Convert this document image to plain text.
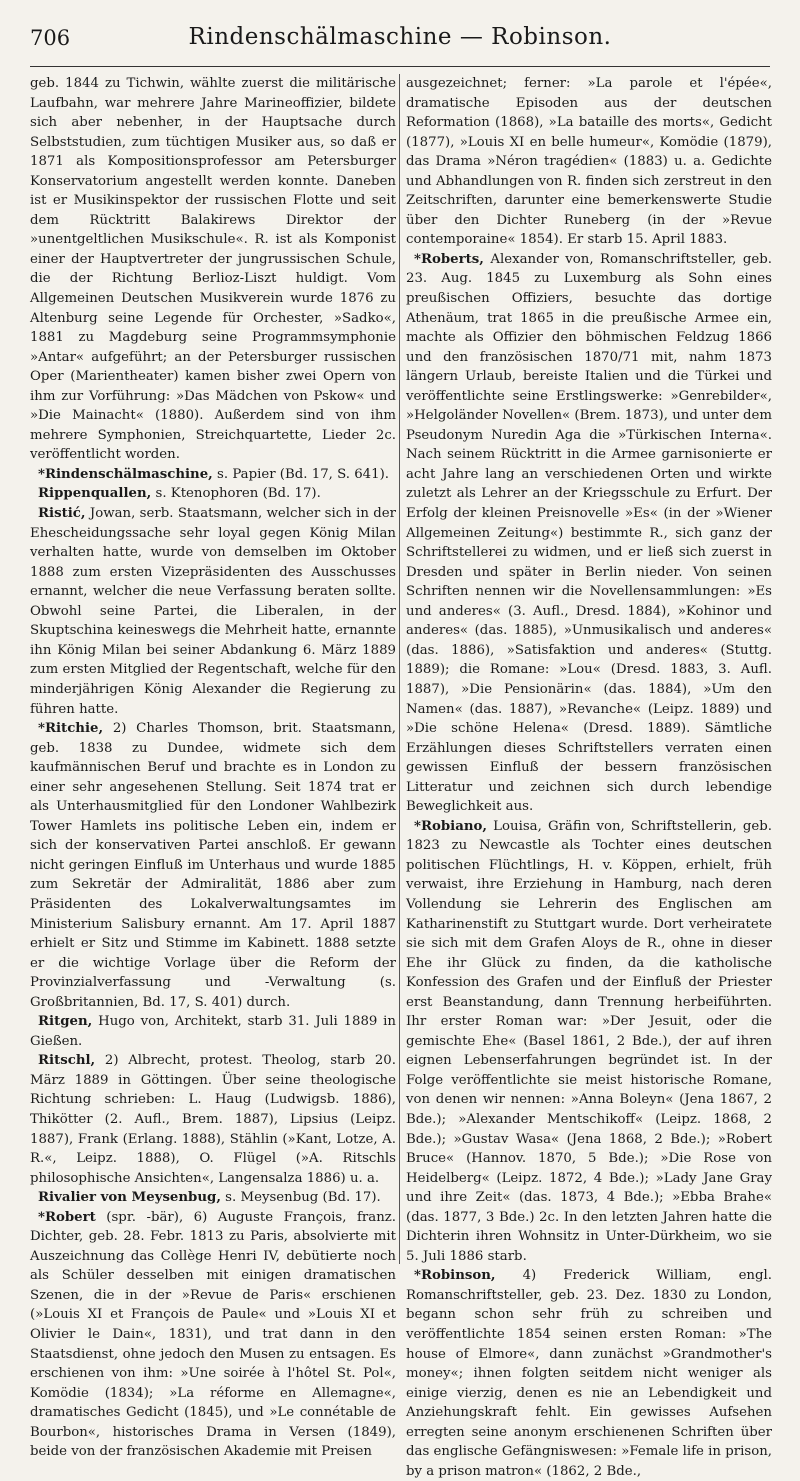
706	Rindenschälmaschine — Robinson.

geb. 1844 zu Tichwin, wählte zuerst die militärische Laufbahn, war mehrere Jahre Marineoffizier, bildete sich aber nebenher, in der Hauptsache durch Selbststudien, zum tüchtigen Musiker aus, so daß er 1871 als Kompositionsprofessor am Petersburger Konservatorium angestellt werden konnte. Daneben ist er Musikinspektor der russischen Flotte und seit dem Rücktritt Balakirews Direktor der »unentgeltlichen Musikschule«. R. ist als Komponist einer der Hauptvertreter der jungrussischen Schule, die der Richtung Berlioz-Liszt huldigt. Vom Allgemeinen Deutschen Musikverein wurde 1876 zu Altenburg seine Legende für Orchester, »Sadko«, 1881 zu Magdeburg seine Programmsymphonie »Antar« aufgeführt; an der Petersburger russischen Oper (Marientheater) kamen bisher zwei Opern von ihm zur Vorführung: »Das Mädchen von Pskow« und »Die Mainacht« (1880). Außerdem sind von ihm mehrere Symphonien, Streichquartette, Lieder 2c. veröffentlicht worden.

*Rindenschälmaschine, s. Papier (Bd. 17, S. 641).

Rippenquallen, s. Ktenophoren (Bd. 17).

Ristić, Jowan, serb. Staatsmann, welcher sich in der Ehescheidungssache sehr loyal gegen König Milan verhalten hatte, wurde von demselben im Oktober 1888 zum ersten Vizepräsidenten des Ausschusses ernannt, welcher die neue Verfassung beraten sollte. Obwohl seine Partei, die Liberalen, in der Skuptschina keineswegs die Mehrheit hatte, ernannte ihn König Milan bei seiner Abdankung 6. März 1889 zum ersten Mitglied der Regentschaft, welche für den minderjährigen König Alexander die Regierung zu führen hatte.

*Ritchie, 2) Charles Thomson, brit. Staatsmann, geb. 1838 zu Dundee, widmete sich dem kaufmännischen Beruf und brachte es in London zu einer sehr angesehenen Stellung. Seit 1874 trat er als Unterhausmitglied für den Londoner Wahlbezirk Tower Hamlets ins politische Leben ein, indem er sich der konservativen Partei anschloß. Er gewann nicht geringen Einfluß im Unterhaus und wurde 1885 zum Sekretär der Admiralität, 1886 aber zum Präsidenten des Lokalverwaltungsamtes im Ministerium Salisbury ernannt. Am 17. April 1887 erhielt er Sitz und Stimme im Kabinett. 1888 setzte er die wichtige Vorlage über die Reform der Provinzialverfassung und -Verwaltung (s. Großbritannien, Bd. 17, S. 401) durch.

Ritgen, Hugo von, Architekt, starb 31. Juli 1889 in Gießen.

Ritschl, 2) Albrecht, protest. Theolog, starb 20. März 1889 in Göttingen. Über seine theologische Richtung schrieben: L. Haug (Ludwigsb. 1886), Thikötter (2. Aufl., Brem. 1887), Lipsius (Leipz. 1887), Frank (Erlang. 1888), Stählin (»Kant, Lotze, A. R.«, Leipz. 1888), O. Flügel (»A. Ritschls philosophische Ansichten«, Langensalza 1886) u. a.

Rivalier von Meysenbug, s. Meysenbug (Bd. 17).

*Robert (spr. -bär), 6) Auguste François, franz. Dichter, geb. 28. Febr. 1813 zu Paris, absolvierte mit Auszeichnung das Collège Henri IV, debütierte noch als Schüler desselben mit einigen dramatischen Szenen, die in der »Revue de Paris« erschienen (»Louis XI et François de Paule« und »Louis XI et Olivier le Dain«, 1831), und trat dann in den Staatsdienst, ohne jedoch den Musen zu entsagen. Es erschienen von ihm: »Une soirée à l'hôtel St. Pol«, Komödie (1834); »La réforme en Allemagne«, dramatisches Gedicht (1845), und »Le connétable de Bourbon«, historisches Drama in Versen (1849), beide von der französischen Akademie mit Preisen

ausgezeichnet; ferner: »La parole et l'épée«, dramatische Episoden aus der deutschen Reformation (1868), »La bataille des morts«, Gedicht (1877), »Louis XI en belle humeur«, Komödie (1879), das Drama »Néron tragédien« (1883) u. a. Gedichte und Abhandlungen von R. finden sich zerstreut in den Zeitschriften, darunter eine bemerkenswerte Studie über den Dichter Runeberg (in der »Revue contemporaine« 1854). Er starb 15. April 1883.

*Roberts, Alexander von, Romanschriftsteller, geb. 23. Aug. 1845 zu Luxemburg als Sohn eines preußischen Offiziers, besuchte das dortige Athenäum, trat 1865 in die preußische Armee ein, machte als Offizier den böhmischen Feldzug 1866 und den französischen 1870/71 mit, nahm 1873 längern Urlaub, bereiste Italien und die Türkei und veröffentlichte seine Erstlingswerke: »Genrebilder«, »Helgoländer Novellen« (Brem. 1873), und unter dem Pseudonym Nuredin Aga die »Türkischen Interna«. Nach seinem Rücktritt in die Armee garnisonierte er acht Jahre lang an verschiedenen Orten und wirkte zuletzt als Lehrer an der Kriegsschule zu Erfurt. Der Erfolg der kleinen Preisnovelle »Es« (in der »Wiener Allgemeinen Zeitung«) bestimmte R., sich ganz der Schriftstellerei zu widmen, und er ließ sich zuerst in Dresden und später in Berlin nieder. Von seinen Schriften nennen wir die Novellensammlungen: »Es und anderes« (3. Aufl., Dresd. 1884), »Kohinor und anderes« (das. 1885), »Unmusikalisch und anderes« (das. 1886), »Satisfaktion und anderes« (Stuttg. 1889); die Romane: »Lou« (Dresd. 1883, 3. Aufl. 1887), »Die Pensionärin« (das. 1884), »Um den Namen« (das. 1887), »Revanche« (Leipz. 1889) und »Die schöne Helena« (Dresd. 1889). Sämtliche Erzählungen dieses Schriftstellers verraten einen gewissen Einfluß der bessern französischen Litteratur und zeichnen sich durch lebendige Beweglichkeit aus.

*Robiano, Louisa, Gräfin von, Schriftstellerin, geb. 1823 zu Newcastle als Tochter eines deutschen politischen Flüchtlings, H. v. Köppen, erhielt, früh verwaist, ihre Erziehung in Hamburg, nach deren Vollendung sie Lehrerin des Englischen am Katharinenstift zu Stuttgart wurde. Dort verheiratete sie sich mit dem Grafen Aloys de R., ohne in dieser Ehe ihr Glück zu finden, da die katholische Konfession des Grafen und der Einfluß der Priester erst Beanstandung, dann Trennung herbeiführten. Ihr erster Roman war: »Der Jesuit, oder die gemischte Ehe« (Basel 1861, 2 Bde.), der auf ihren eignen Lebenserfahrungen begründet ist. In der Folge veröffentlichte sie meist historische Romane, von denen wir nennen: »Anna Boleyn« (Jena 1867, 2 Bde.); »Alexander Mentschikoff« (Leipz. 1868, 2 Bde.); »Gustav Wasa« (Jena 1868, 2 Bde.); »Robert Bruce« (Hannov. 1870, 5 Bde.); »Die Rose von Heidelberg« (Leipz. 1872, 4 Bde.); »Lady Jane Gray und ihre Zeit« (das. 1873, 4 Bde.); »Ebba Brahe« (das. 1877, 3 Bde.) 2c. In den letzten Jahren hatte die Dichterin ihren Wohnsitz in Unter-Dürkheim, wo sie 5. Juli 1886 starb.

*Robinson, 4) Frederick William, engl. Romanschriftsteller, geb. 23. Dez. 1830 zu London, begann schon sehr früh zu schreiben und veröffentlichte 1854 seinen ersten Roman: »The house of Elmore«, dann zunächst »Grandmother's money«; ihnen folgten seitdem nicht weniger als einige vierzig, denen es nie an Lebendigkeit und Anziehungskraft fehlt. Ein gewisses Aufsehen erregten seine anonym erschienenen Schriften über das englische Gefängniswesen: »Female life in prison, by a prison matron« (1862, 2 Bde.,
